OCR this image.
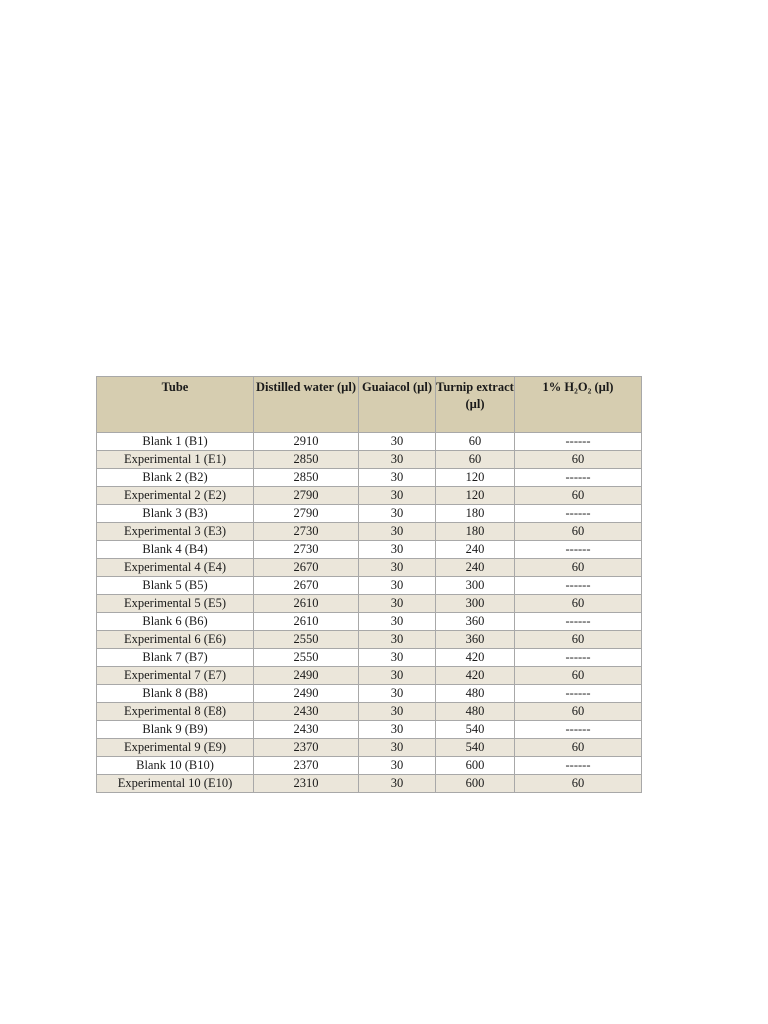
Tube	Distilled water (µl)	Guaiacol (µl)	Turnip extract (µl)	1% H₂O₂ (µl)
Blank 1 (B1)	2910	30	60	------
Experimental 1 (E1)	2850	30	60	60
Blank 2 (B2)	2850	30	120	------
Experimental 2 (E2)	2790	30	120	60
Blank 3 (B3)	2790	30	180	------
Experimental 3 (E3)	2730	30	180	60
Blank 4 (B4)	2730	30	240	------
Experimental 4 (E4)	2670	30	240	60
Blank 5 (B5)	2670	30	300	------
Experimental 5 (E5)	2610	30	300	60
Blank 6 (B6)	2610	30	360	------
Experimental 6 (E6)	2550	30	360	60
Blank 7 (B7)	2550	30	420	------
Experimental 7 (E7)	2490	30	420	60
Blank 8 (B8)	2490	30	480	------
Experimental 8 (E8)	2430	30	480	60
Blank 9 (B9)	2430	30	540	------
Experimental 9 (E9)	2370	30	540	60
Blank 10 (B10)	2370	30	600	------
Experimental 10 (E10)	2310	30	600	60
